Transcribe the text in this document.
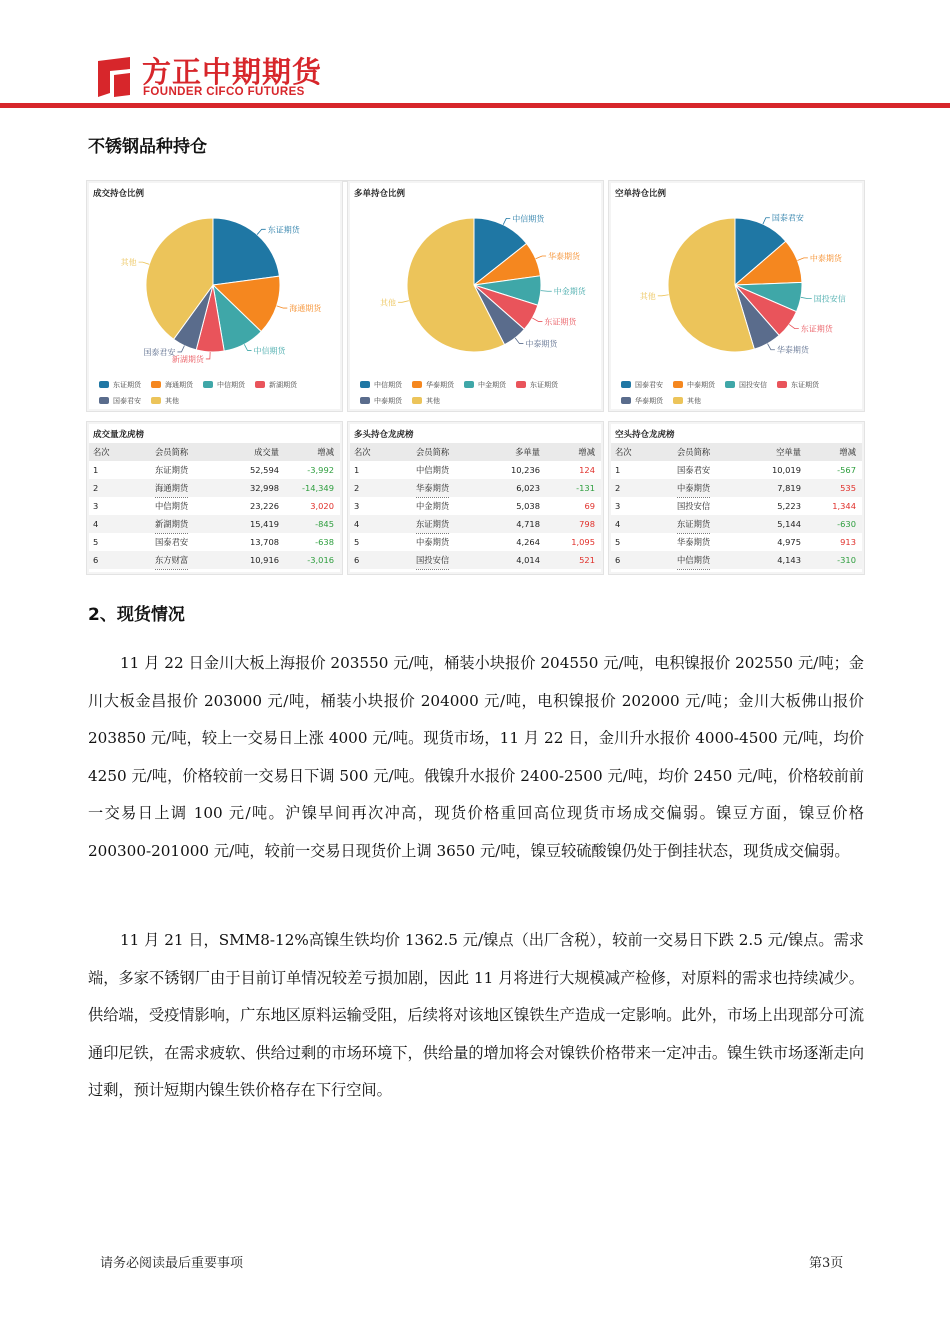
方正中期期货
FOUNDER CIFCO FUTURES
不锈钢品种持仓
成交持仓比例
东证期货
海通期货
中信期货
新湖期货
国泰君安
其他
东证期货	海通期货	中信期货	新湖期货
国泰君安	其他
多单持仓比例
中信期货
华泰期货
中金期货
东证期货
中泰期货
其他
中信期货	华泰期货	中金期货	东证期货
中泰期货	其他
空单持仓比例
国泰君安
中泰期货
国投安信
东证期货
华泰期货
其他
国泰君安	中泰期货	国投安信	东证期货
华泰期货	其他
成交量龙虎榜
名次	会员简称	成交量	增减
1	东证期货	52,594	-3,992
2	海通期货	32,998	-14,349
3	中信期货	23,226	3,020
4	新湖期货	15,419	-845
5	国泰君安	13,708	-638
6	东方财富	10,916	-3,016
多头持仓龙虎榜
名次	会员简称	多单量	增减
1	中信期货	10,236	124
2	华泰期货	6,023	-131
3	中金期货	5,038	69
4	东证期货	4,718	798
5	中泰期货	4,264	1,095
6	国投安信	4,014	521
空头持仓龙虎榜
名次	会员简称	空单量	增减
1	国泰君安	10,019	-567
2	中泰期货	7,819	535
3	国投安信	5,223	1,344
4	东证期货	5,144	-630
5	华泰期货	4,975	913
6	中信期货	4,143	-310
2、现货情况
11 月 22 日金川大板上海报价 203550 元/吨，桶装小块报价 204550 元/吨，电积镍报价 202550 元/吨；金川大板金昌报价 203000 元/吨，桶装小块报价 204000 元/吨，电积镍报价 202000 元/吨；金川大板佛山报价 203850 元/吨，较上一交易日上涨 4000 元/吨。现货市场，11 月 22 日，金川升水报价 4000-4500 元/吨，均价 4250 元/吨，价格较前一交易日下调 500 元/吨。俄镍升水报价 2400-2500 元/吨，均价 2450 元/吨，价格较前前一交易日上调 100 元/吨。沪镍早间再次冲高，现货价格重回高位现货市场成交偏弱。镍豆方面，镍豆价格 200300-201000 元/吨，较前一交易日现货价上调 3650 元/吨，镍豆较硫酸镍仍处于倒挂状态，现货成交偏弱。
11 月 21 日，SMM8-12%高镍生铁均价 1362.5 元/镍点（出厂含税），较前一交易日下跌 2.5 元/镍点。需求端，多家不锈钢厂由于目前订单情况较差亏损加剧，因此 11 月将进行大规模减产检修，对原料的需求也持续减少。供给端，受疫情影响，广东地区原料运输受阻，后续将对该地区镍铁生产造成一定影响。此外，市场上出现部分可流通印尼铁，在需求疲软、供给过剩的市场环境下，供给量的增加将会对镍铁价格带来一定冲击。镍生铁市场逐渐走向过剩，预计短期内镍生铁价格存在下行空间。
请务必阅读最后重要事项	第3页
